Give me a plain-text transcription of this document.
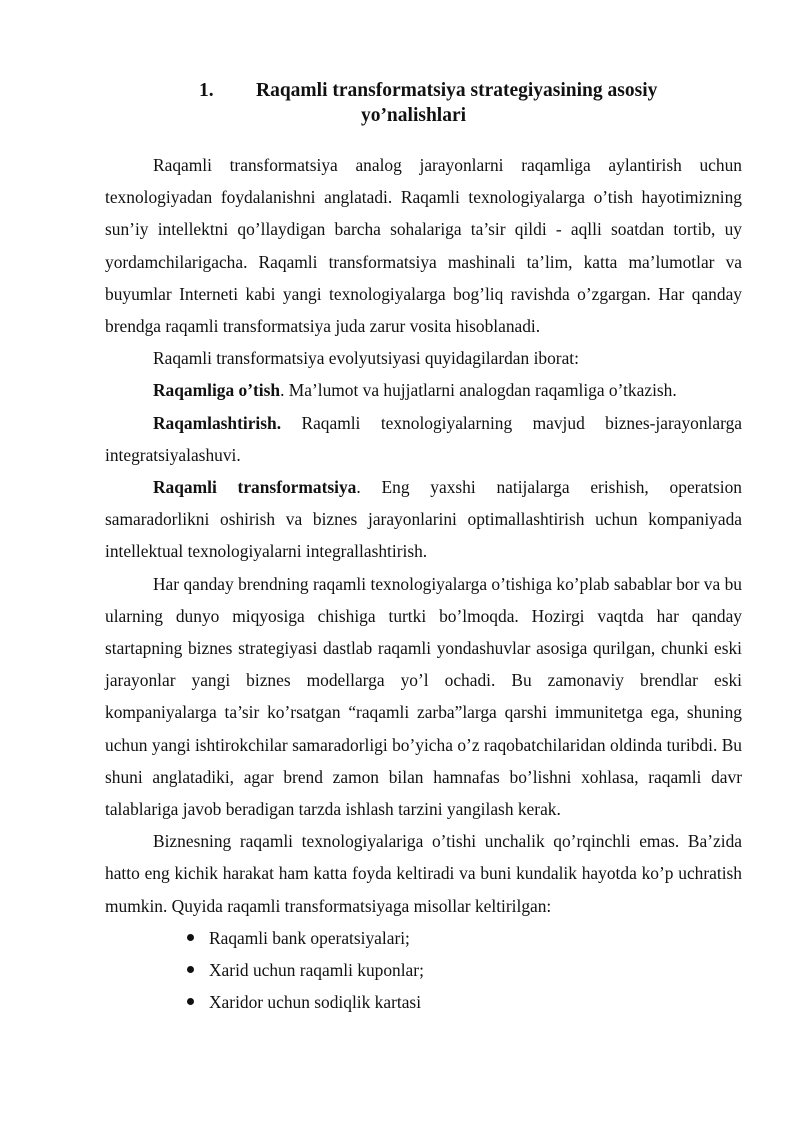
1. Raqamli transformatsiya strategiyasining asosiy
yo’nalishlari

Raqamli transformatsiya analog jarayonlarni raqamliga aylantirish uchun texnologiyadan foydalanishni anglatadi. Raqamli texnologiyalarga o’tish hayotimizning sun’iy intellektni qo’llaydigan barcha sohalariga ta’sir qildi - aqlli soatdan tortib, uy yordamchilarigacha. Raqamli transformatsiya mashinali ta’lim, katta ma’lumotlar va buyumlar Interneti kabi yangi texnologiyalarga bog’liq ravishda o’zgargan. Har qanday brendga raqamli transformatsiya juda zarur vosita hisoblanadi.

Raqamli transformatsiya evolyutsiyasi quyidagilardan iborat:

Raqamliga o’tish. Ma’lumot va hujjatlarni analogdan raqamliga o’tkazish.

Raqamlashtirish. Raqamli texnologiyalarning mavjud biznes-jarayonlarga integratsiyalashuvi.

Raqamli transformatsiya. Eng yaxshi natijalarga erishish, operatsion samaradorlikni oshirish va biznes jarayonlarini optimallashtirish uchun kompaniyada intellektual texnologiyalarni integrallashtirish.

Har qanday brendning raqamli texnologiyalarga o’tishiga ko’plab sabablar bor va bu ularning dunyo miqyosiga chishiga turtki bo’lmoqda. Hozirgi vaqtda har qanday startapning biznes strategiyasi dastlab raqamli yondashuvlar asosiga qurilgan, chunki eski jarayonlar yangi biznes modellarga yo’l ochadi. Bu zamonaviy brendlar eski kompaniyalarga ta’sir ko’rsatgan “raqamli zarba”larga qarshi immunitetga ega, shuning uchun yangi ishtirokchilar samaradorligi bo’yicha o’z raqobatchilaridan oldinda turibdi. Bu shuni anglatadiki, agar brend zamon bilan hamnafas bo’lishni xohlasa, raqamli davr talablariga javob beradigan tarzda ishlash tarzini yangilash kerak.

Biznesning raqamli texnologiyalariga o’tishi unchalik qo’rqinchli emas. Ba’zida hatto eng kichik harakat ham katta foyda keltiradi va buni kundalik hayotda ko’p uchratish mumkin. Quyida raqamli transformatsiyaga misollar keltirilgan:

Raqamli bank operatsiyalari;
Xarid uchun raqamli kuponlar;
Xaridor uchun sodiqlik kartasi
